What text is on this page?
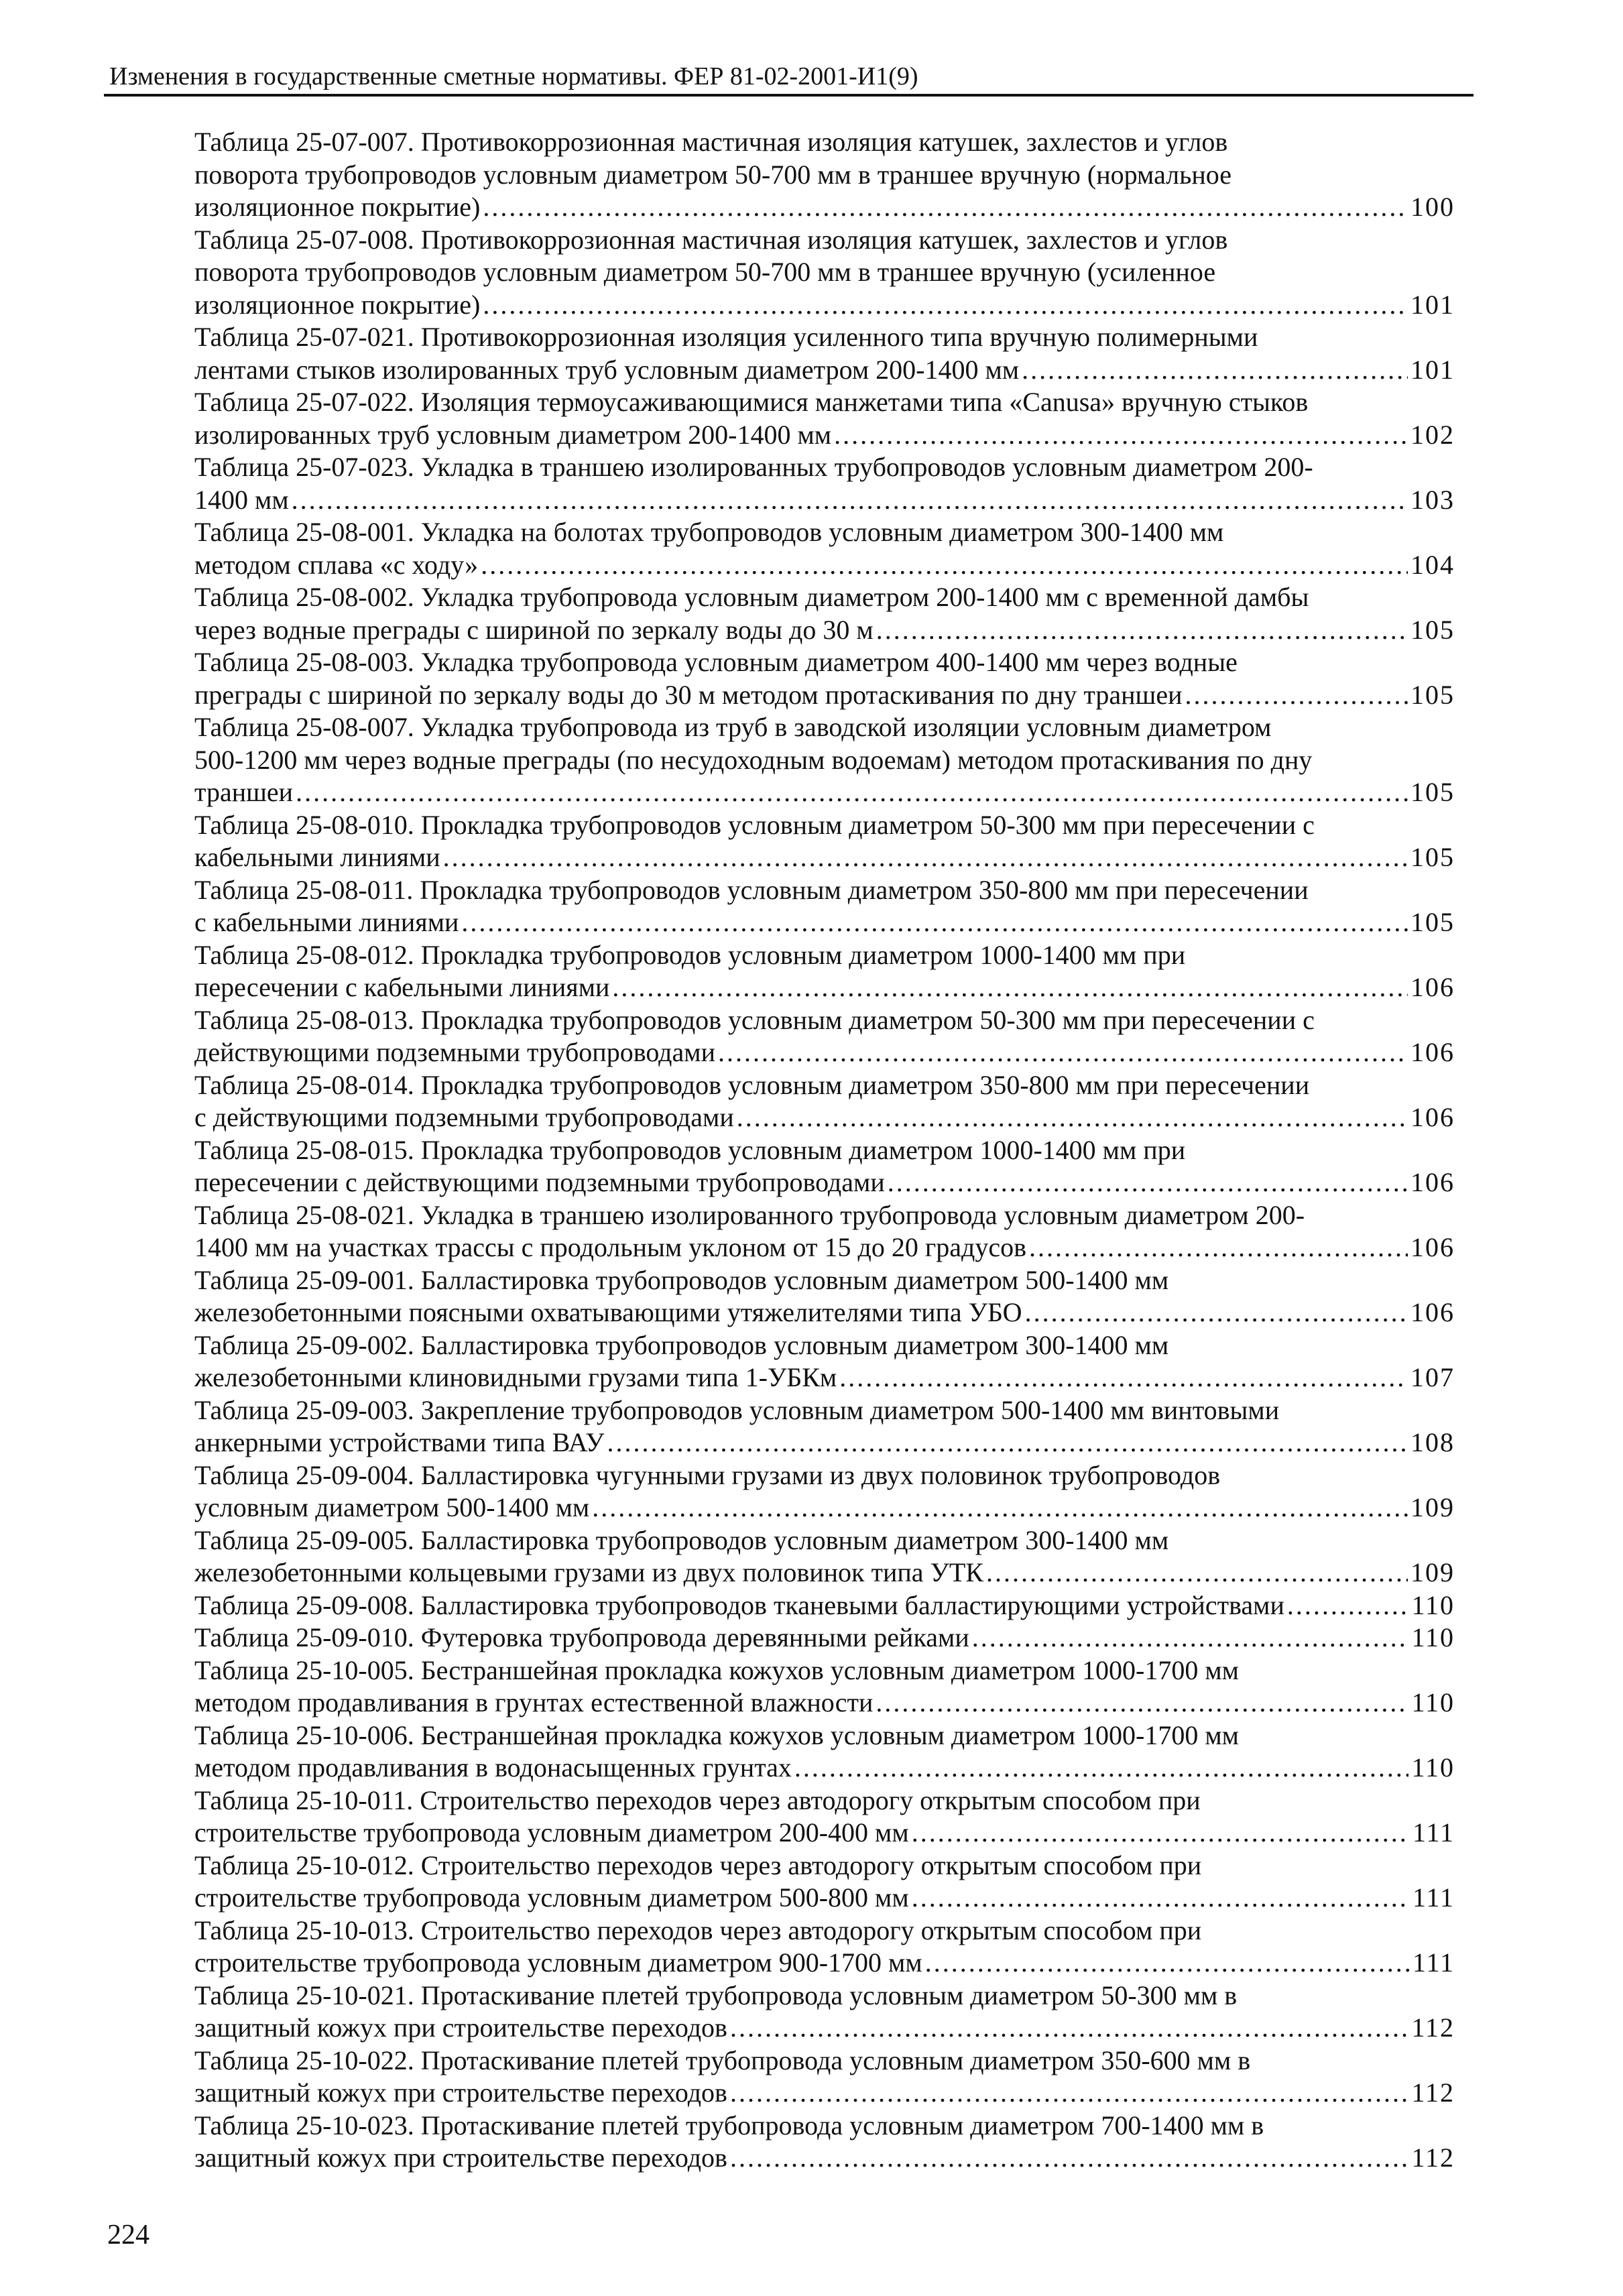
Изменения в государственные сметные нормативы. ФЕР 81-02-2001-И1(9)
Таблица 25-07-007. Противокоррозионная мастичная изоляция катушек, захлестов и углов
поворота трубопроводов условным диаметром 50-700 мм в траншее вручную (нормальное
изоляционное покрытие) .....	100
Таблица 25-07-008. Противокоррозионная мастичная изоляция катушек, захлестов и углов
поворота трубопроводов условным диаметром 50-700 мм в траншее вручную (усиленное
изоляционное покрытие) .....	101
Таблица 25-07-021. Противокоррозионная изоляция усиленного типа вручную полимерными
лентами стыков изолированных труб условным диаметром 200-1400 мм .....	101
Таблица 25-07-022. Изоляция термоусаживающимися манжетами типа «Canusa» вручную стыков
изолированных труб условным диаметром 200-1400 мм .....	102
Таблица 25-07-023. Укладка в траншею изолированных трубопроводов условным диаметром 200-
1400 мм .....	103
Таблица 25-08-001. Укладка на болотах трубопроводов условным диаметром 300-1400 мм
методом сплава «с ходу» .....	104
Таблица 25-08-002. Укладка трубопровода условным диаметром 200-1400 мм с временной дамбы
через водные преграды с шириной по зеркалу воды до 30 м .....	105
Таблица 25-08-003. Укладка трубопровода условным диаметром 400-1400 мм через водные
преграды с шириной по зеркалу воды до 30 м методом протаскивания по дну траншеи .....	105
Таблица 25-08-007. Укладка трубопровода из труб в заводской изоляции условным диаметром
500-1200 мм через водные преграды (по несудоходным водоемам) методом протаскивания по дну
траншеи .....	105
Таблица 25-08-010. Прокладка трубопроводов условным диаметром 50-300 мм при пересечении с
кабельными линиями .....	105
Таблица 25-08-011. Прокладка трубопроводов условным диаметром 350-800 мм при пересечении
с кабельными линиями .....	105
Таблица 25-08-012. Прокладка трубопроводов условным диаметром 1000-1400 мм при
пересечении с кабельными линиями .....	106
Таблица 25-08-013. Прокладка трубопроводов условным диаметром 50-300 мм при пересечении с
действующими подземными трубопроводами .....	106
Таблица 25-08-014. Прокладка трубопроводов условным диаметром 350-800 мм при пересечении
с действующими подземными трубопроводами .....	106
Таблица 25-08-015. Прокладка трубопроводов условным диаметром 1000-1400 мм при
пересечении с действующими подземными трубопроводами .....	106
Таблица 25-08-021. Укладка в траншею изолированного трубопровода условным диаметром 200-
1400 мм на участках трассы с продольным уклоном от 15 до 20 градусов .....	106
Таблица 25-09-001. Балластировка трубопроводов условным диаметром 500-1400 мм
железобетонными поясными охватывающими утяжелителями типа УБО .....	106
Таблица 25-09-002. Балластировка трубопроводов условным диаметром 300-1400 мм
железобетонными клиновидными грузами типа 1-УБКм .....	107
Таблица 25-09-003. Закрепление трубопроводов условным диаметром 500-1400 мм винтовыми
анкерными устройствами типа ВАУ .....	108
Таблица 25-09-004. Балластировка чугунными грузами из двух половинок трубопроводов
условным диаметром 500-1400 мм .....	109
Таблица 25-09-005. Балластировка трубопроводов условным диаметром 300-1400 мм
железобетонными кольцевыми грузами из двух половинок типа УТК .....	109
Таблица 25-09-008. Балластировка трубопроводов тканевыми балластирующими устройствами .....	110
Таблица 25-09-010. Футеровка трубопровода деревянными рейками .....	110
Таблица 25-10-005. Бестраншейная прокладка кожухов условным диаметром 1000-1700 мм
методом продавливания в грунтах естественной влажности .....	110
Таблица 25-10-006. Бестраншейная прокладка кожухов условным диаметром 1000-1700 мм
методом продавливания в водонасыщенных грунтах .....	110
Таблица 25-10-011. Строительство переходов через автодорогу открытым способом при
строительстве трубопровода условным диаметром 200-400 мм .....	111
Таблица 25-10-012. Строительство переходов через автодорогу открытым способом при
строительстве трубопровода условным диаметром 500-800 мм .....	111
Таблица 25-10-013. Строительство переходов через автодорогу открытым способом при
строительстве трубопровода условным диаметром 900-1700 мм .....	111
Таблица 25-10-021. Протаскивание плетей трубопровода условным диаметром 50-300 мм в
защитный кожух при строительстве переходов .....	112
Таблица 25-10-022. Протаскивание плетей трубопровода условным диаметром 350-600 мм в
защитный кожух при строительстве переходов .....	112
Таблица 25-10-023. Протаскивание плетей трубопровода условным диаметром 700-1400 мм в
защитный кожух при строительстве переходов .....	112
224
